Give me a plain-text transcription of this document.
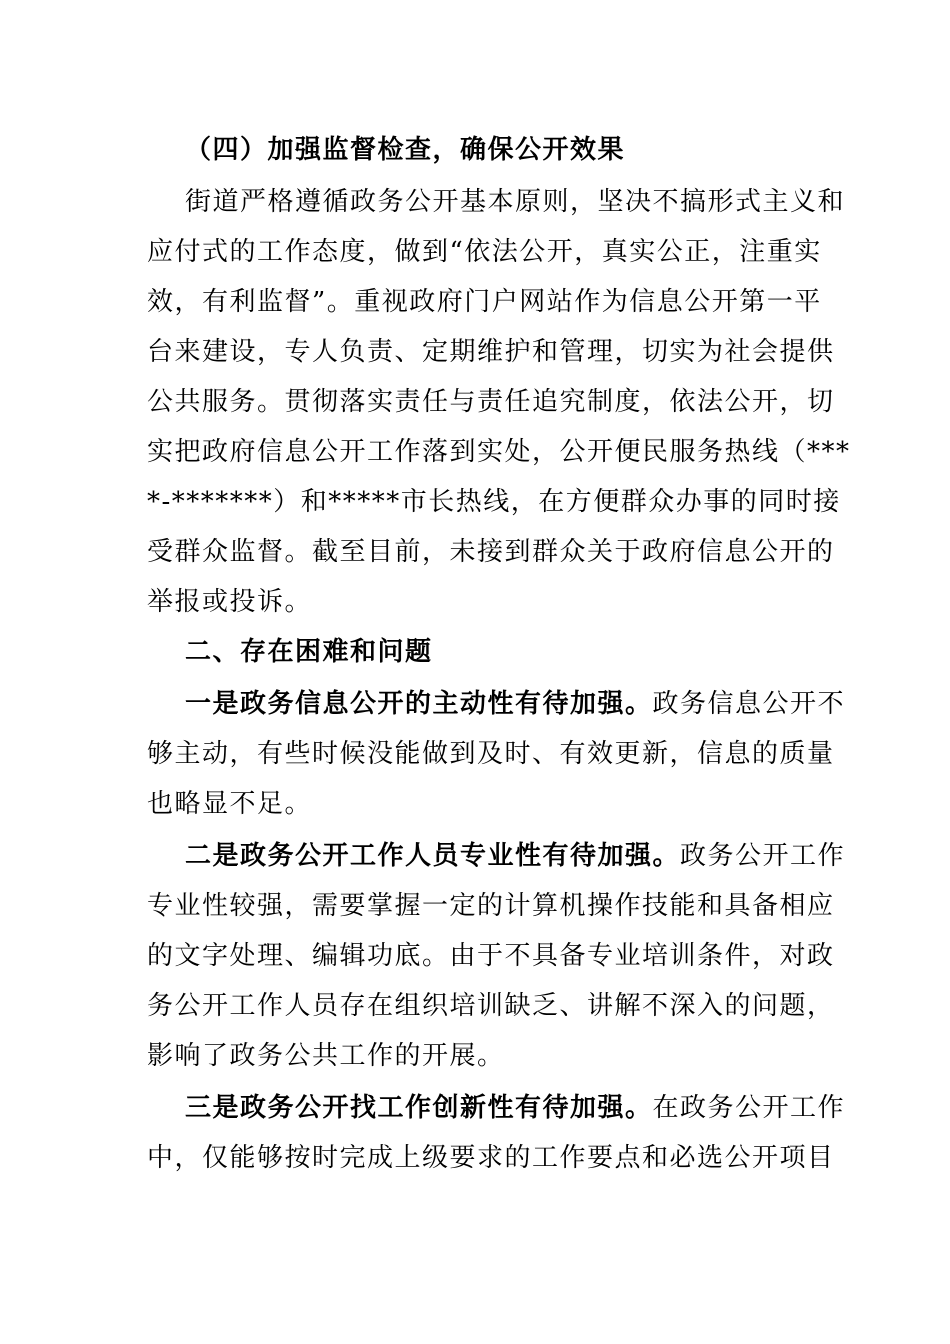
（四）加强监督检查，确保公开效果
街道严格遵循政务公开基本原则，坚决不搞形式主义和
应付式的工作态度，做到“依法公开，真实公正，注重实
效，有利监督”。重视政府门户网站作为信息公开第一平
台来建设，专人负责、定期维护和管理，切实为社会提供
公共服务。贯彻落实责任与责任追究制度，依法公开，切
实把政府信息公开工作落到实处，公开便民服务热线（***
*-*******）和*****市长热线，在方便群众办事的同时接
受群众监督。截至目前，未接到群众关于政府信息公开的
举报或投诉。
二、存在困难和问题
一是政务信息公开的主动性有待加强。政务信息公开不
够主动，有些时候没能做到及时、有效更新，信息的质量
也略显不足。
二是政务公开工作人员专业性有待加强。政务公开工作
专业性较强，需要掌握一定的计算机操作技能和具备相应
的文字处理、编辑功底。由于不具备专业培训条件，对政
务公开工作人员存在组织培训缺乏、讲解不深入的问题，
影响了政务公共工作的开展。
三是政务公开找工作创新性有待加强。在政务公开工作
中，仅能够按时完成上级要求的工作要点和必选公开项目
